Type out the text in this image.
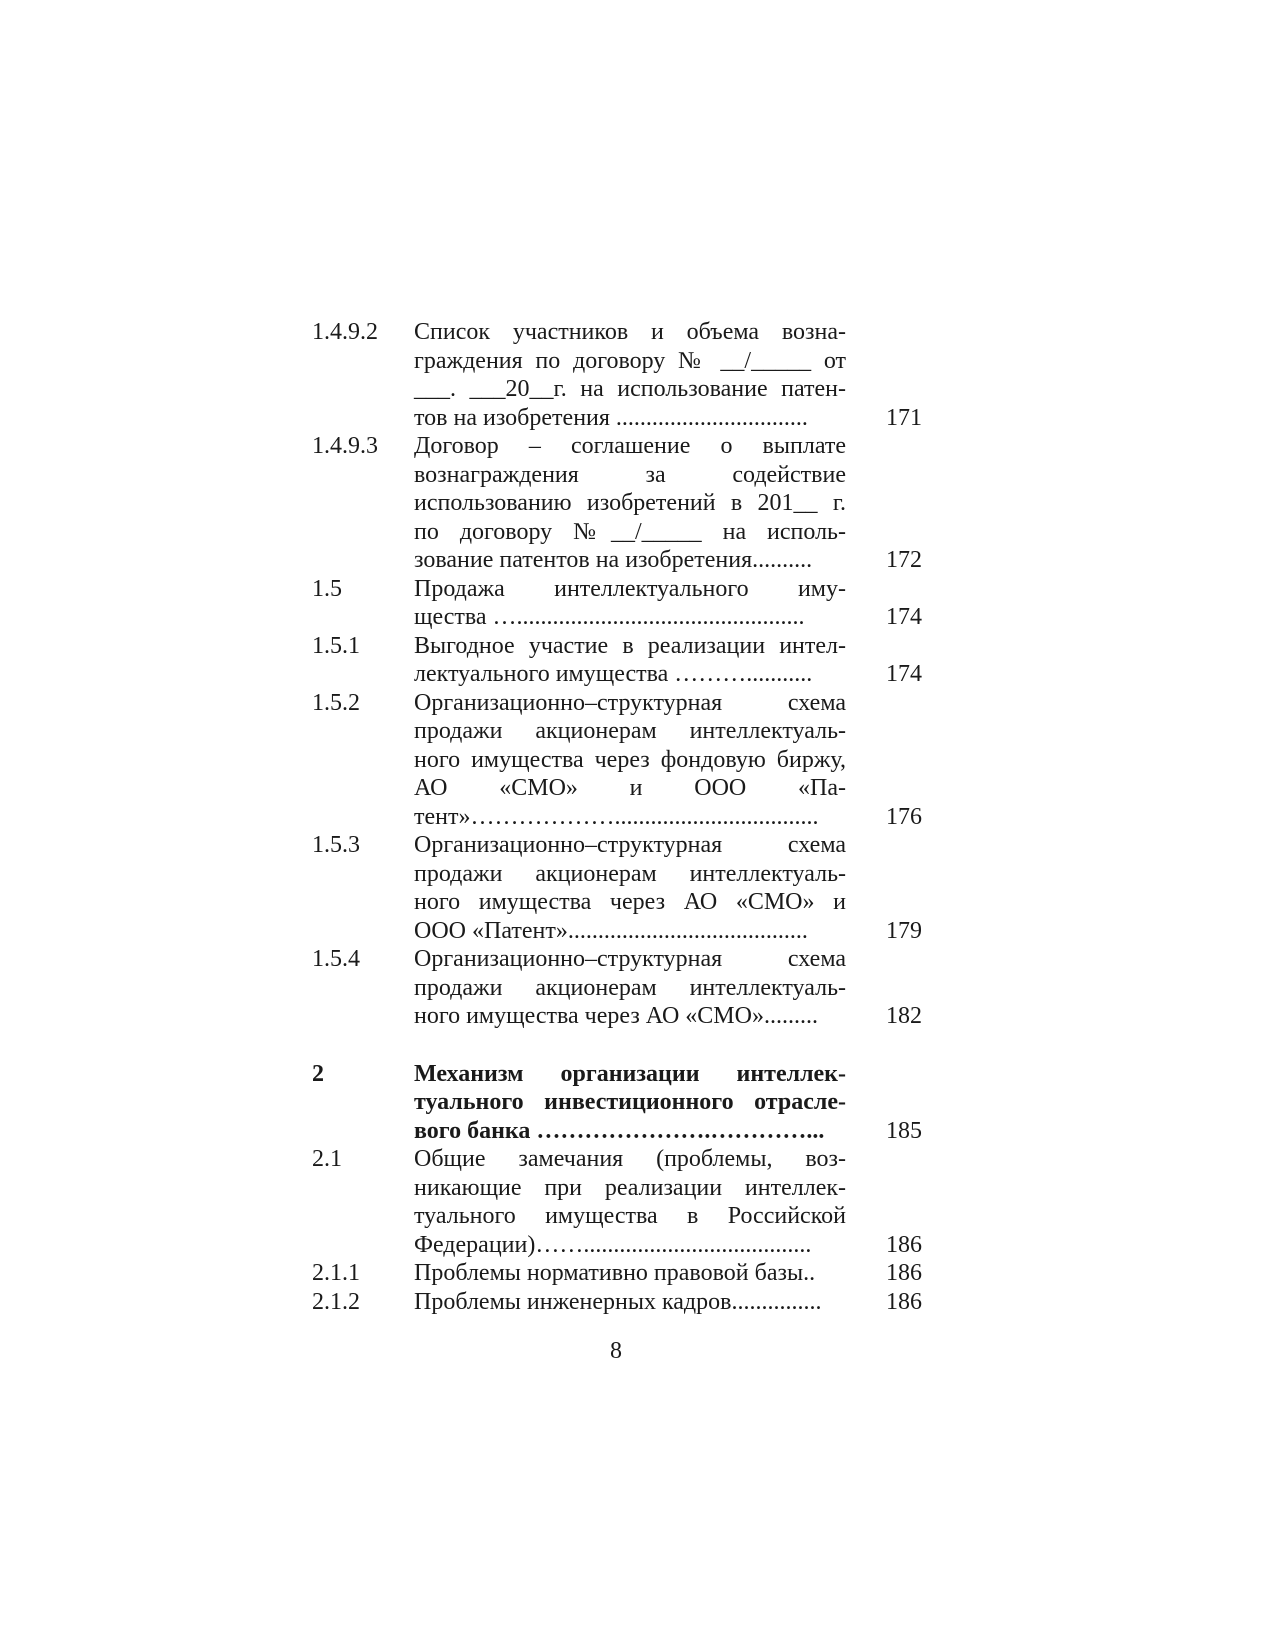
1.4.9.2	Список участников и объема возна-
граждения по договору № __/_____ от
___. ___20__г. на использование патен-
тов на изобретения ................................	171
1.4.9.3	Договор – соглашение о выплате
вознаграждения за содействие
использованию изобретений в 201__ г.
по договору №__/_____ на исполь-
зование патентов на изобретения..........	172
1.5	Продажа интеллектуального иму-
щества …................................................	174
1.5.1	Выгодное участие в реализации интел-
лектуального имущества ………...........	174
1.5.2	Организационно–структурная схема
продажи акционерам интеллектуаль-
ного имущества через фондовую биржу,
АО «СМО» и ООО «Па-
тент»………………..................................	176
1.5.3	Организационно–структурная схема
продажи акционерам интеллектуаль-
ного имущества через АО «СМО» и
ООО «Патент»........................................	179
1.5.4	Организационно–структурная схема
продажи акционерам интеллектуаль-
ного имущества через АО «СМО».........	182
2	Механизм организации интеллек-
туального инвестиционного отрасле-
вого банка ………………….…………...	185
2.1	Общие замечания (проблемы, воз-
никающие при реализации интеллек-
туального имущества в Российской
Федерации)……......................................	186
2.1.1	Проблемы нормативно правовой базы..	186
2.1.2	Проблемы инженерных кадров...............	186
8
